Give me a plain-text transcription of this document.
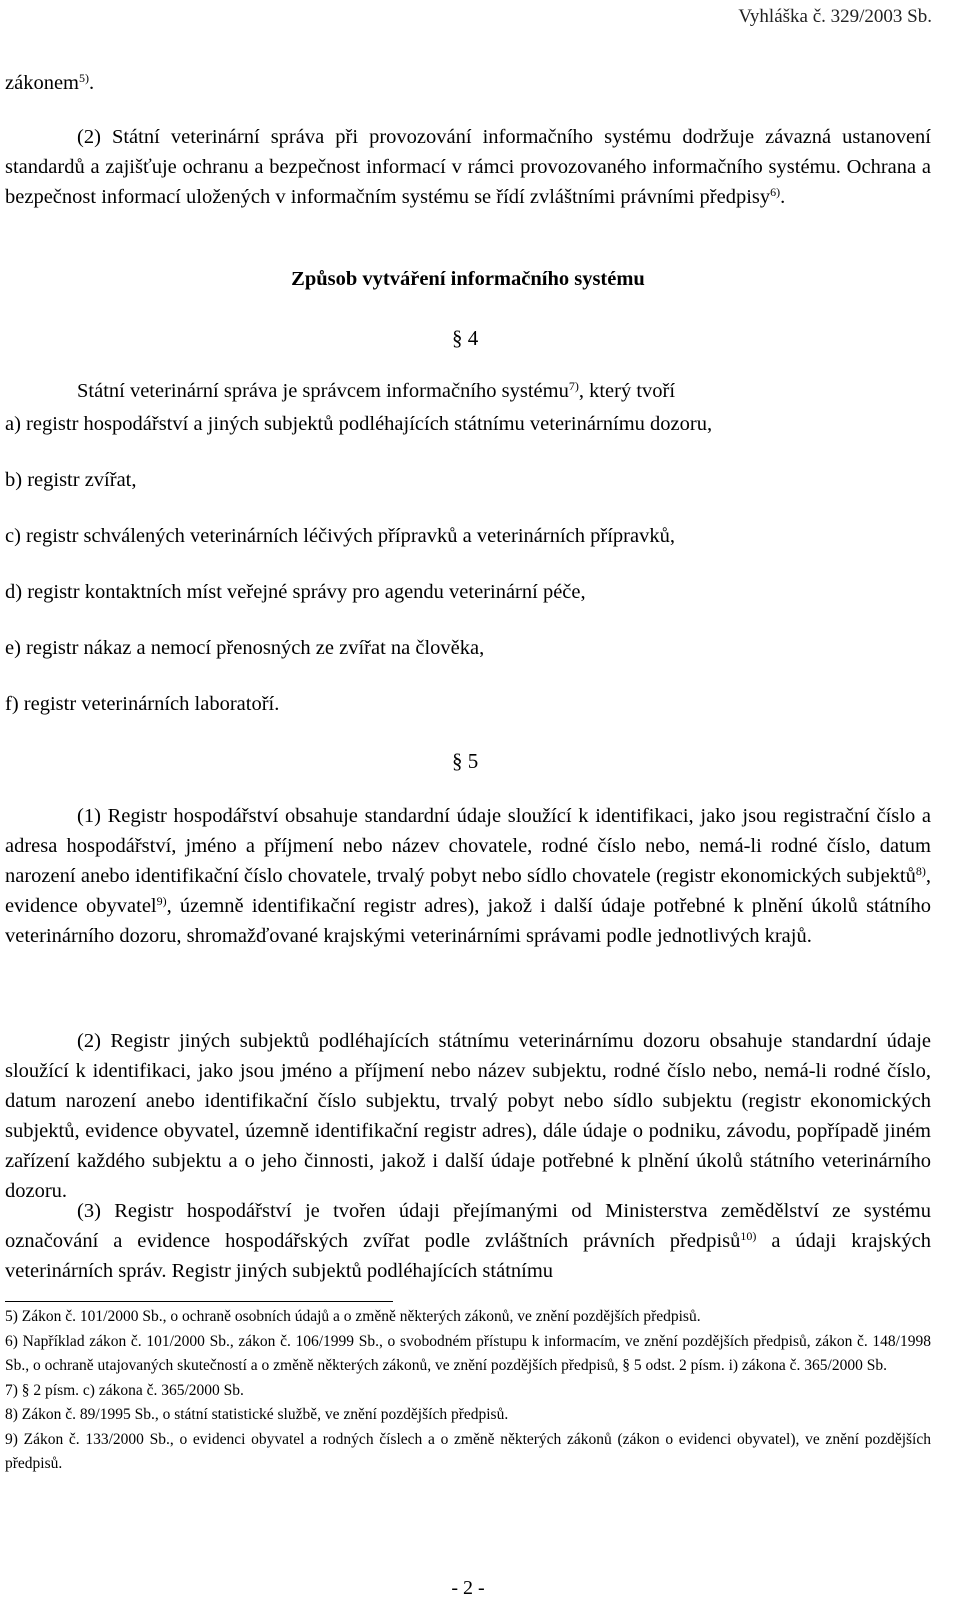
Vyhláška č. 329/2003 Sb.

zákonem$^{5)}$.

(2) Státní veterinární správa při provozování informačního systému dodržuje závazná ustanovení standardů a zajišťuje ochranu a bezpečnost informací v rámci provozovaného informačního systému. Ochrana a bezpečnost informací uložených v informačním systému se řídí zvláštními právními předpisy$^{6)}$.

Způsob vytváření informačního systému
§ 4

Státní veterinární správa je správcem informačního systému$^{7)}$, který tvoří

a) registr hospodářství a jiných subjektů podléhajících státnímu veterinárnímu dozoru,
b) registr zvířat,
c) registr schválených veterinárních léčivých přípravků a veterinárních přípravků,
d) registr kontaktních míst veřejné správy pro agendu veterinární péče,
e) registr nákaz a nemocí přenosných ze zvířat na člověka,
f) registr veterinárních laboratoří.
§ 5

(1) Registr hospodářství obsahuje standardní údaje sloužící k identifikaci, jako jsou registrační číslo a adresa hospodářství, jméno a příjmení nebo název chovatele, rodné číslo nebo, nemá-li rodné číslo, datum narození anebo identifikační číslo chovatele, trvalý pobyt nebo sídlo chovatele (registr ekonomických subjektů$^{8)}$, evidence obyvatel$^{9)}$, územně identifikační registr adres), jakož i další údaje potřebné k plnění úkolů státního veterinárního dozoru, shromažďované krajskými veterinárními správami podle jednotlivých krajů.

(2) Registr jiných subjektů podléhajících státnímu veterinárnímu dozoru obsahuje standardní údaje sloužící k identifikaci, jako jsou jméno a příjmení nebo název subjektu, rodné číslo nebo, nemá-li rodné číslo, datum narození anebo identifikační číslo subjektu, trvalý pobyt nebo sídlo subjektu (registr ekonomických subjektů, evidence obyvatel, územně identifikační registr adres), dále údaje o podniku, závodu, popřípadě jiném zařízení každého subjektu a o jeho činnosti, jakož i další údaje potřebné k plnění úkolů státního veterinárního dozoru.

(3) Registr hospodářství je tvořen údaji přejímanými od Ministerstva zemědělství ze systému označování a evidence hospodářských zvířat podle zvláštních právních předpisů$^{10)}$ a údaji krajských veterinárních správ. Registr jiných subjektů podléhajících státnímu

5) Zákon č. 101/2000 Sb., o ochraně osobních údajů a o změně některých zákonů, ve znění pozdějších předpisů.

6) Například zákon č. 101/2000 Sb., zákon č. 106/1999 Sb., o svobodném přístupu k informacím, ve znění pozdějších předpisů, zákon č. 148/1998 Sb., o ochraně utajovaných skutečností a o změně některých zákonů, ve znění pozdějších předpisů, § 5 odst. 2 písm. i) zákona č. 365/2000 Sb.

7) § 2 písm. c) zákona č. 365/2000 Sb.

8) Zákon č. 89/1995 Sb., o státní statistické službě, ve znění pozdějších předpisů.

9) Zákon č. 133/2000 Sb., o evidenci obyvatel a rodných číslech a o změně některých zákonů (zákon o evidenci obyvatel), ve znění pozdějších předpisů.

- 2 -
